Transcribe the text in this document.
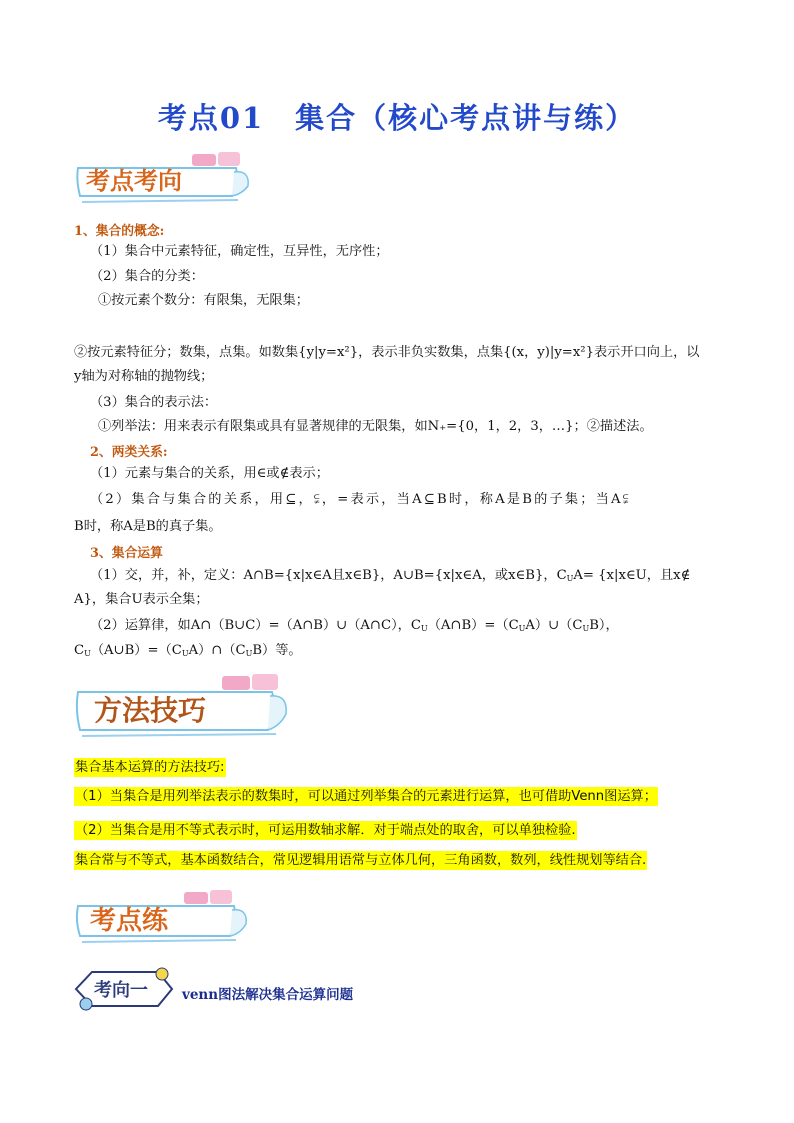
考点01　集合（核心考点讲与练）
考点考向
1、集合的概念:
（1）集合中元素特征，确定性，互异性，无序性；
（2）集合的分类：
①按元素个数分：有限集，无限集；
②按元素特征分；数集，点集。如数集{y|y=x²}，表示非负实数集，点集{(x，y)|y=x²}表示开口向上，以
y轴为对称轴的抛物线；
（3）集合的表示法：
①列举法：用来表示有限集或具有显著规律的无限集，如N₊={0，1，2，3，…}；②描述法。
2、两类关系:
（1）元素与集合的关系，用∈或∉表示；
（2）集合与集合的关系，用⊆，⫋，=表示，当A⊆B时，称A是B的子集；当A⫋
B时，称A是B的真子集。
3、集合运算
（1）交，并，补，定义：A∩B={x|x∈A且x∈B}，A∪B={x|x∈A，或x∈B}，$C_UA=$ {x|x∈U，且x∉
A}，集合U表示全集；
（2）运算律，如A∩（B∪C）=（A∩B）∪（A∩C），$C_U(A\cap B)=(C_UA)\cup(C_UB)$，
$C_U(A\cup B)=(C_UA)\cap(C_UB)$等。
方法技巧
集合基本运算的方法技巧:
（1）当集合是用列举法表示的数集时，可以通过列举集合的元素进行运算，也可借助Venn图运算；
（2）当集合是用不等式表示时，可运用数轴求解．对于端点处的取舍，可以单独检验.
集合常与不等式，基本函数结合，常见逻辑用语常与立体几何，三角函数，数列，线性规划等结合.
考点练
考向一	venn图法解决集合运算问题
